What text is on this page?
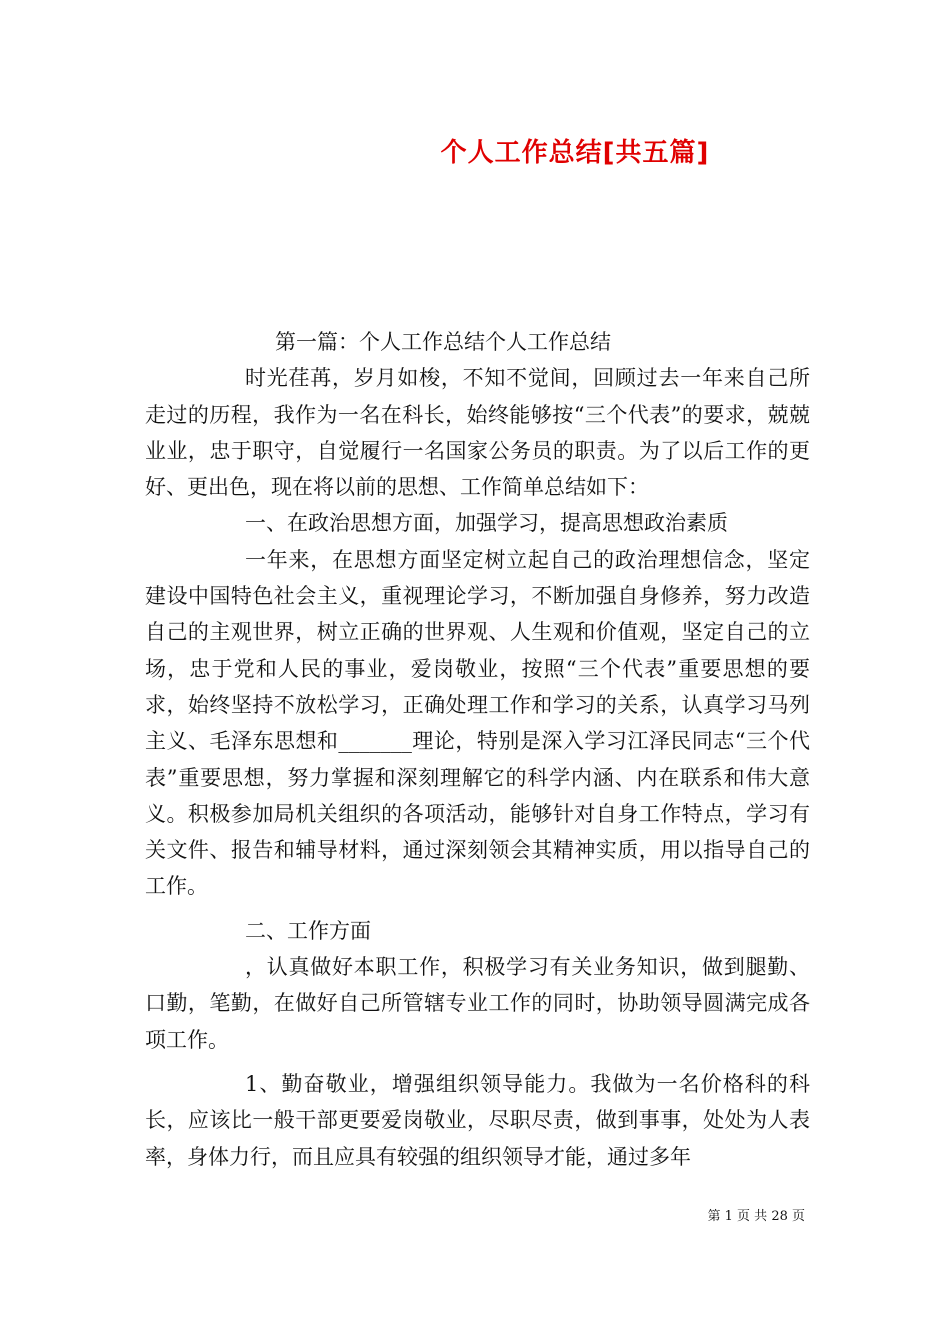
个人工作总结[共五篇]

第一篇：个人工作总结个人工作总结

时光荏苒，岁月如梭，不知不觉间，回顾过去一年来自己所走过的历程，我作为一名在科长，始终能够按“三个代表”的要求，兢兢业业，忠于职守，自觉履行一名国家公务员的职责。为了以后工作的更好、更出色，现在将以前的思想、工作简单总结如下：

一、在政治思想方面，加强学习，提高思想政治素质

一年来，在思想方面坚定树立起自己的政治理想信念，坚定建设中国特色社会主义，重视理论学习，不断加强自身修养，努力改造自己的主观世界，树立正确的世界观、人生观和价值观，坚定自己的立场，忠于党和人民的事业，爱岗敬业，按照“三个代表”重要思想的要求，始终坚持不放松学习，正确处理工作和学习的关系，认真学习马列主义、毛泽东思想和_______理论，特别是深入学习江泽民同志“三个代表”重要思想，努力掌握和深刻理解它的科学内涵、内在联系和伟大意义。积极参加局机关组织的各项活动，能够针对自身工作特点，学习有关文件、报告和辅导材料，通过深刻领会其精神实质，用以指导自己的工作。

二、工作方面

，认真做好本职工作，积极学习有关业务知识，做到腿勤、口勤，笔勤，在做好自己所管辖专业工作的同时，协助领导圆满完成各项工作。

1、勤奋敬业，增强组织领导能力。我做为一名价格科的科长，应该比一般干部更要爱岗敬业，尽职尽责，做到事事，处处为人表率，身体力行，而且应具有较强的组织领导才能，通过多年

第 1 页 共 28 页
